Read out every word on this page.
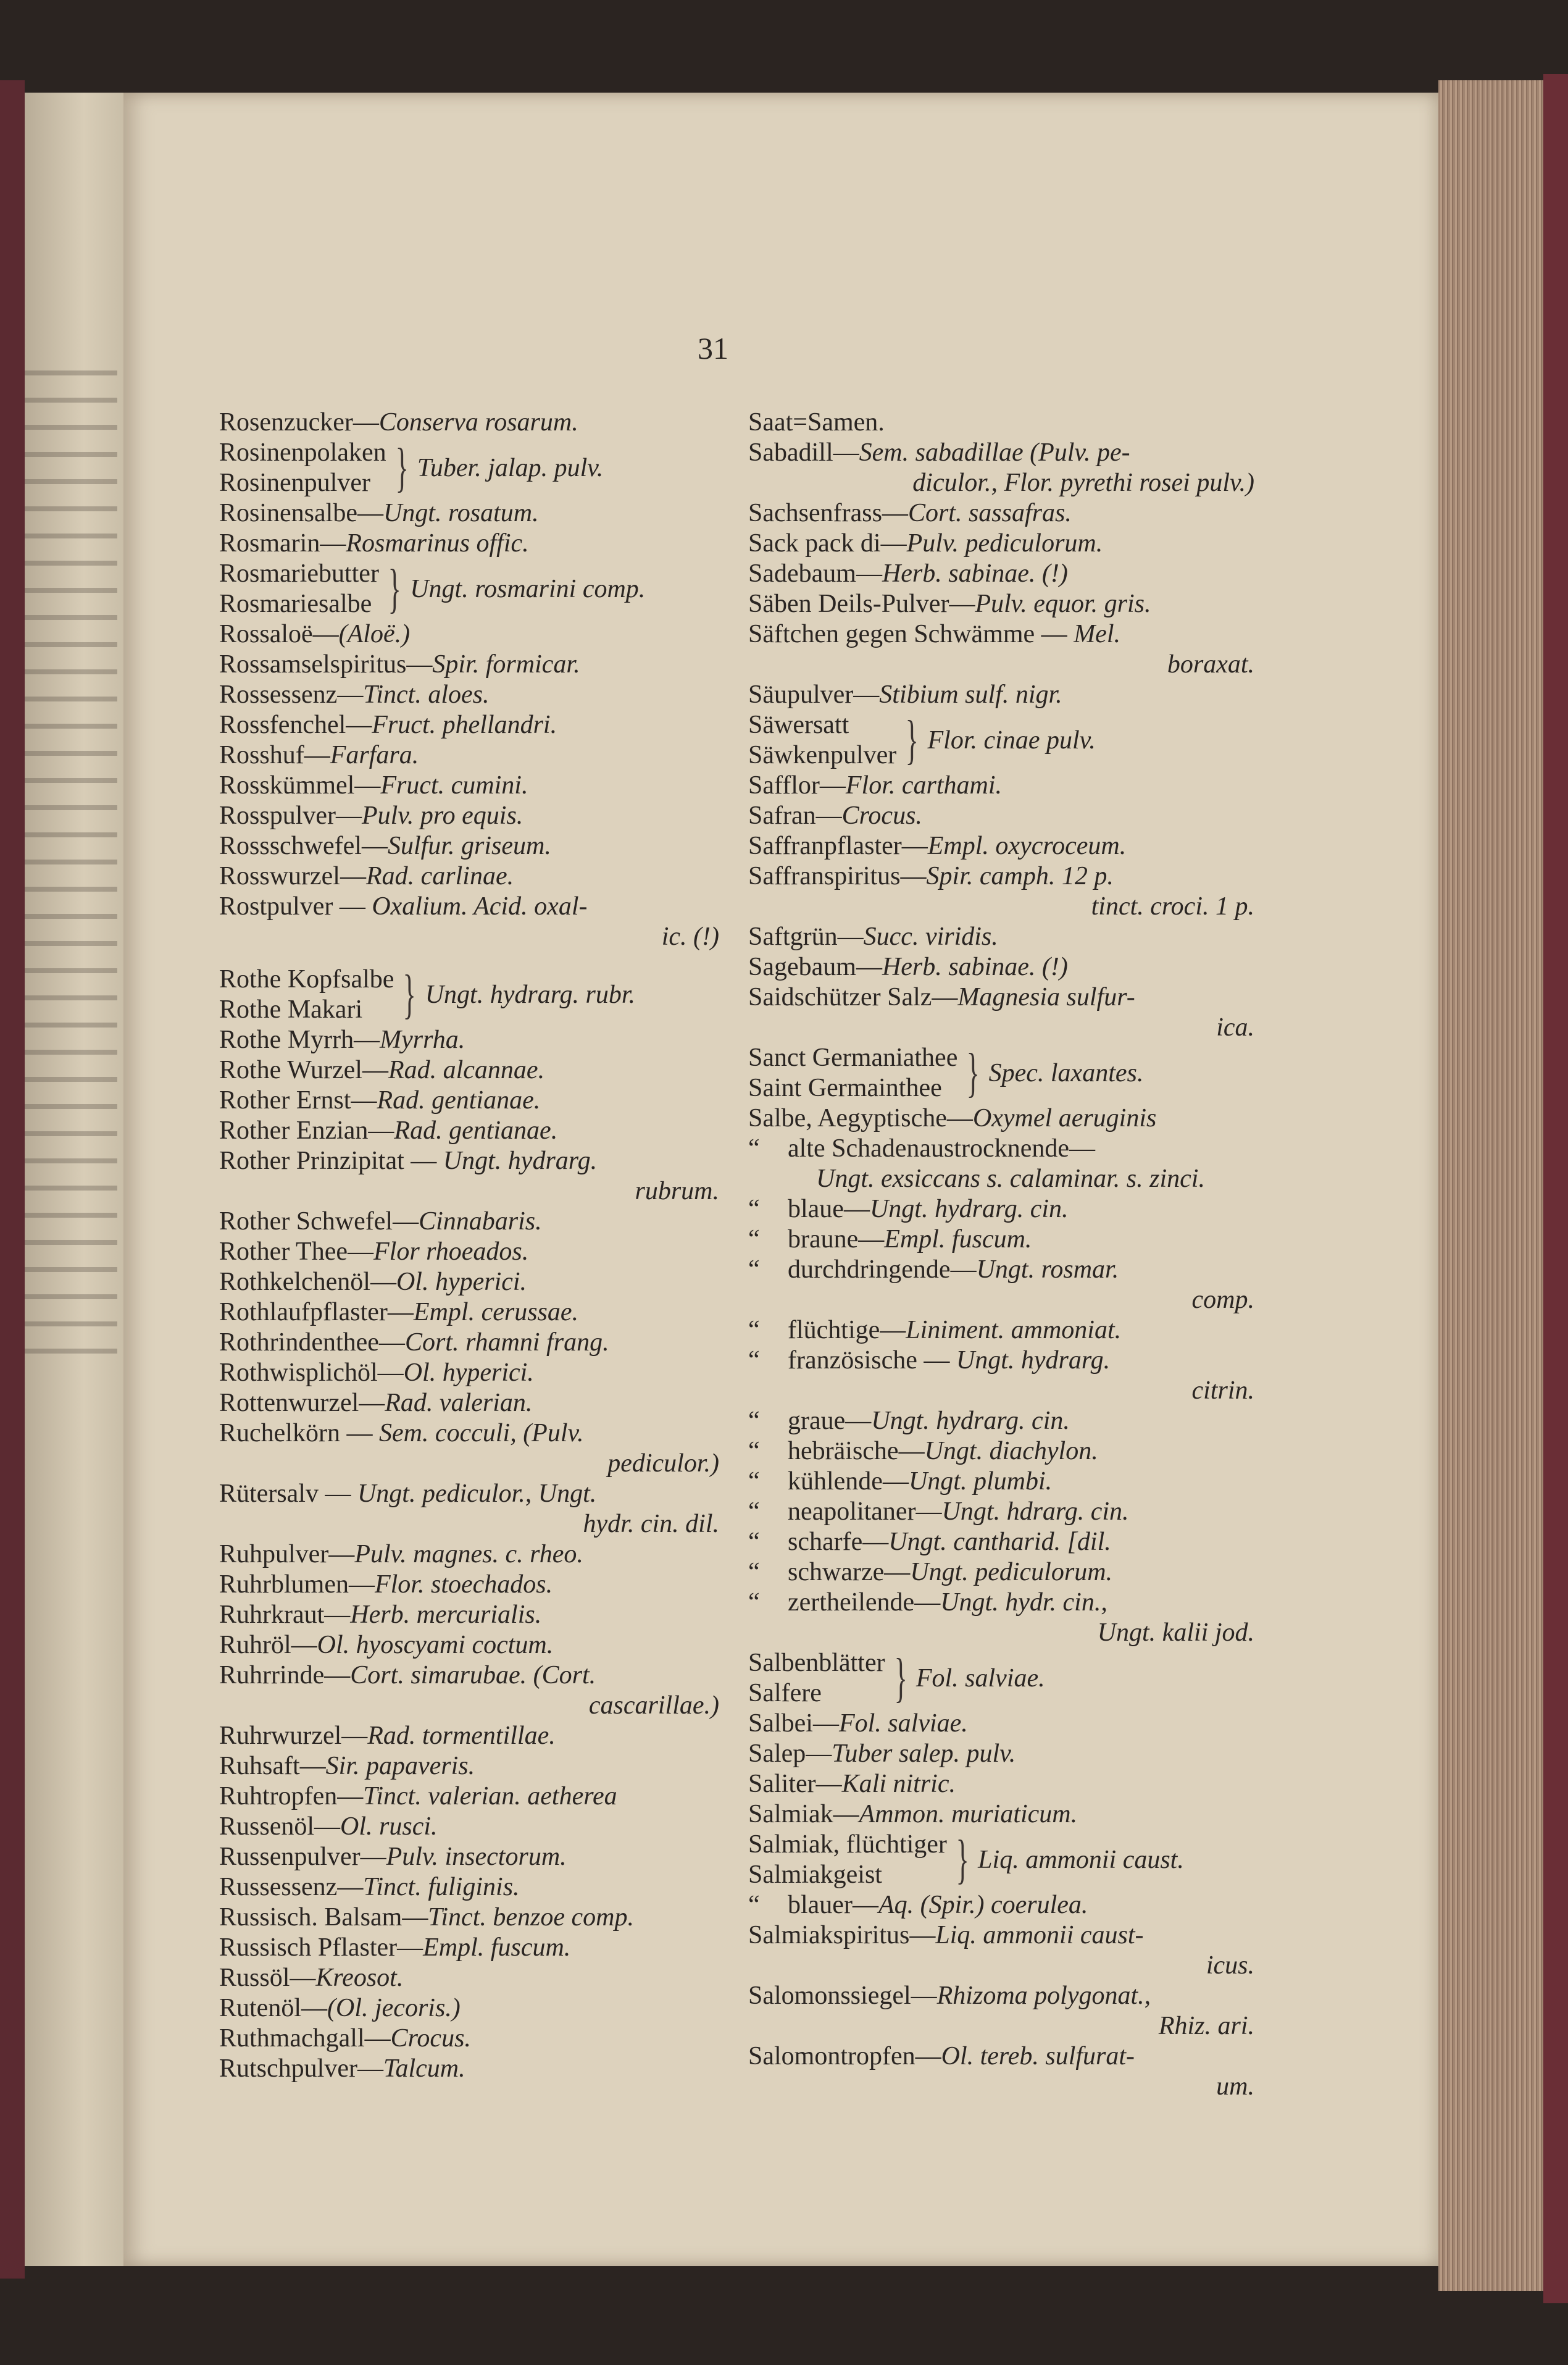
31
Rosenzucker—Conserva rosarum.
Rosinenpolaken
Rosinenpulver } Tuber. jalap. pulv.
Rosinensalbe—Ungt. rosatum.
Rosmarin—Rosmarinus offic.
Rosmariebutter
Rosmariesalbe } Ungt. rosmarini comp.
Rossaloë—(Aloë.)
Rossamselspiritus—Spir. formicar.
Rossessenz—Tinct. aloes.
Rossfenchel—Fruct. phellandri.
Rosshuf—Farfara.
Rosskümmel—Fruct. cumini.
Rosspulver—Pulv. pro equis.
Rossschwefel—Sulfur. griseum.
Rosswurzel—Rad. carlinae.
Rostpulver — Oxalium. Acid. oxal-
ic. (!)
Rothe Kopfsalbe
Rothe Makari } Ungt. hydrarg. rubr.
Rothe Myrrh—Myrrha.
Rothe Wurzel—Rad. alcannae.
Rother Ernst—Rad. gentianae.
Rother Enzian—Rad. gentianae.
Rother Prinzipitat — Ungt. hydrarg.
rubrum.
Rother Schwefel—Cinnabaris.
Rother Thee—Flor rhoeados.
Rothkelchenöl—Ol. hyperici.
Rothlaufpflaster—Empl. cerussae.
Rothrindenthee—Cort. rhamni frang.
Rothwisplichöl—Ol. hyperici.
Rottenwurzel—Rad. valerian.
Ruchelkörn — Sem. cocculi, (Pulv.
pediculor.)
Rütersalv — Ungt. pediculor., Ungt.
hydr. cin. dil.
Ruhpulver—Pulv. magnes. c. rheo.
Ruhrblumen—Flor. stoechados.
Ruhrkraut—Herb. mercurialis.
Ruhröl—Ol. hyoscyami coctum.
Ruhrrinde—Cort. simarubae. (Cort.
cascarillae.)
Ruhrwurzel—Rad. tormentillae.
Ruhsaft—Sir. papaveris.
Ruhtropfen—Tinct. valerian. aetherea
Russenöl—Ol. rusci.
Russenpulver—Pulv. insectorum.
Russessenz—Tinct. fuliginis.
Russisch. Balsam—Tinct. benzoe comp.
Russisch Pflaster—Empl. fuscum.
Russöl—Kreosot.
Rutenöl—(Ol. jecoris.)
Ruthmachgall—Crocus.
Rutschpulver—Talcum.
Saat=Samen.
Sabadill—Sem. sabadillae (Pulv. pe-
diculor., Flor. pyrethi rosei pulv.)
Sachsenfrass—Cort. sassafras.
Sack pack di—Pulv. pediculorum.
Sadebaum—Herb. sabinae. (!)
Säben Deils-Pulver—Pulv. equor. gris.
Säftchen gegen Schwämme — Mel.
boraxat.
Säupulver—Stibium sulf. nigr.
Säwersatt
Säwkenpulver } Flor. cinae pulv.
Safflor—Flor. carthami.
Safran—Crocus.
Saffranpflaster—Empl. oxycroceum.
Saffranspiritus—Spir. camph. 12 p.
tinct. croci. 1 p.
Saftgrün—Succ. viridis.
Sagebaum—Herb. sabinae. (!)
Saidschützer Salz—Magnesia sulfur-
ica.
Sanct Germaniathee
Saint Germainthee } Spec. laxantes.
Salbe, Aegyptische—Oxymel aeruginis
“ alte Schadenaustrocknende—
Ungt. exsiccans s. calaminar. s. zinci.
“ blaue—Ungt. hydrarg. cin.
“ braune—Empl. fuscum.
“ durchdringende—Ungt. rosmar.
comp.
“ flüchtige—Liniment. ammoniat.
“ französische — Ungt. hydrarg.
citrin.
“ graue—Ungt. hydrarg. cin.
“ hebräische—Ungt. diachylon.
“ kühlende—Ungt. plumbi.
“ neapolitaner—Ungt. hdrarg. cin.
“ scharfe—Ungt. cantharid. [dil.
“ schwarze—Ungt. pediculorum.
“ zertheilende—Ungt. hydr. cin.,
Ungt. kalii jod.
Salbenblätter
Salfere	} Fol. salviae.
Salbei—Fol. salviae.
Salep—Tuber salep. pulv.
Saliter—Kali nitric.
Salmiak—Ammon. muriaticum.
Salmiak, flüchtiger
Salmiakgeist	} Liq. ammonii caust.
“ blauer—Aq. (Spir.) coerulea.
Salmiakspiritus—Liq. ammonii caust-
icus.
Salomonssiegel—Rhizoma polygonat.,
Rhiz. ari.
Salomontropfen—Ol. tereb. sulfurat-
um.
